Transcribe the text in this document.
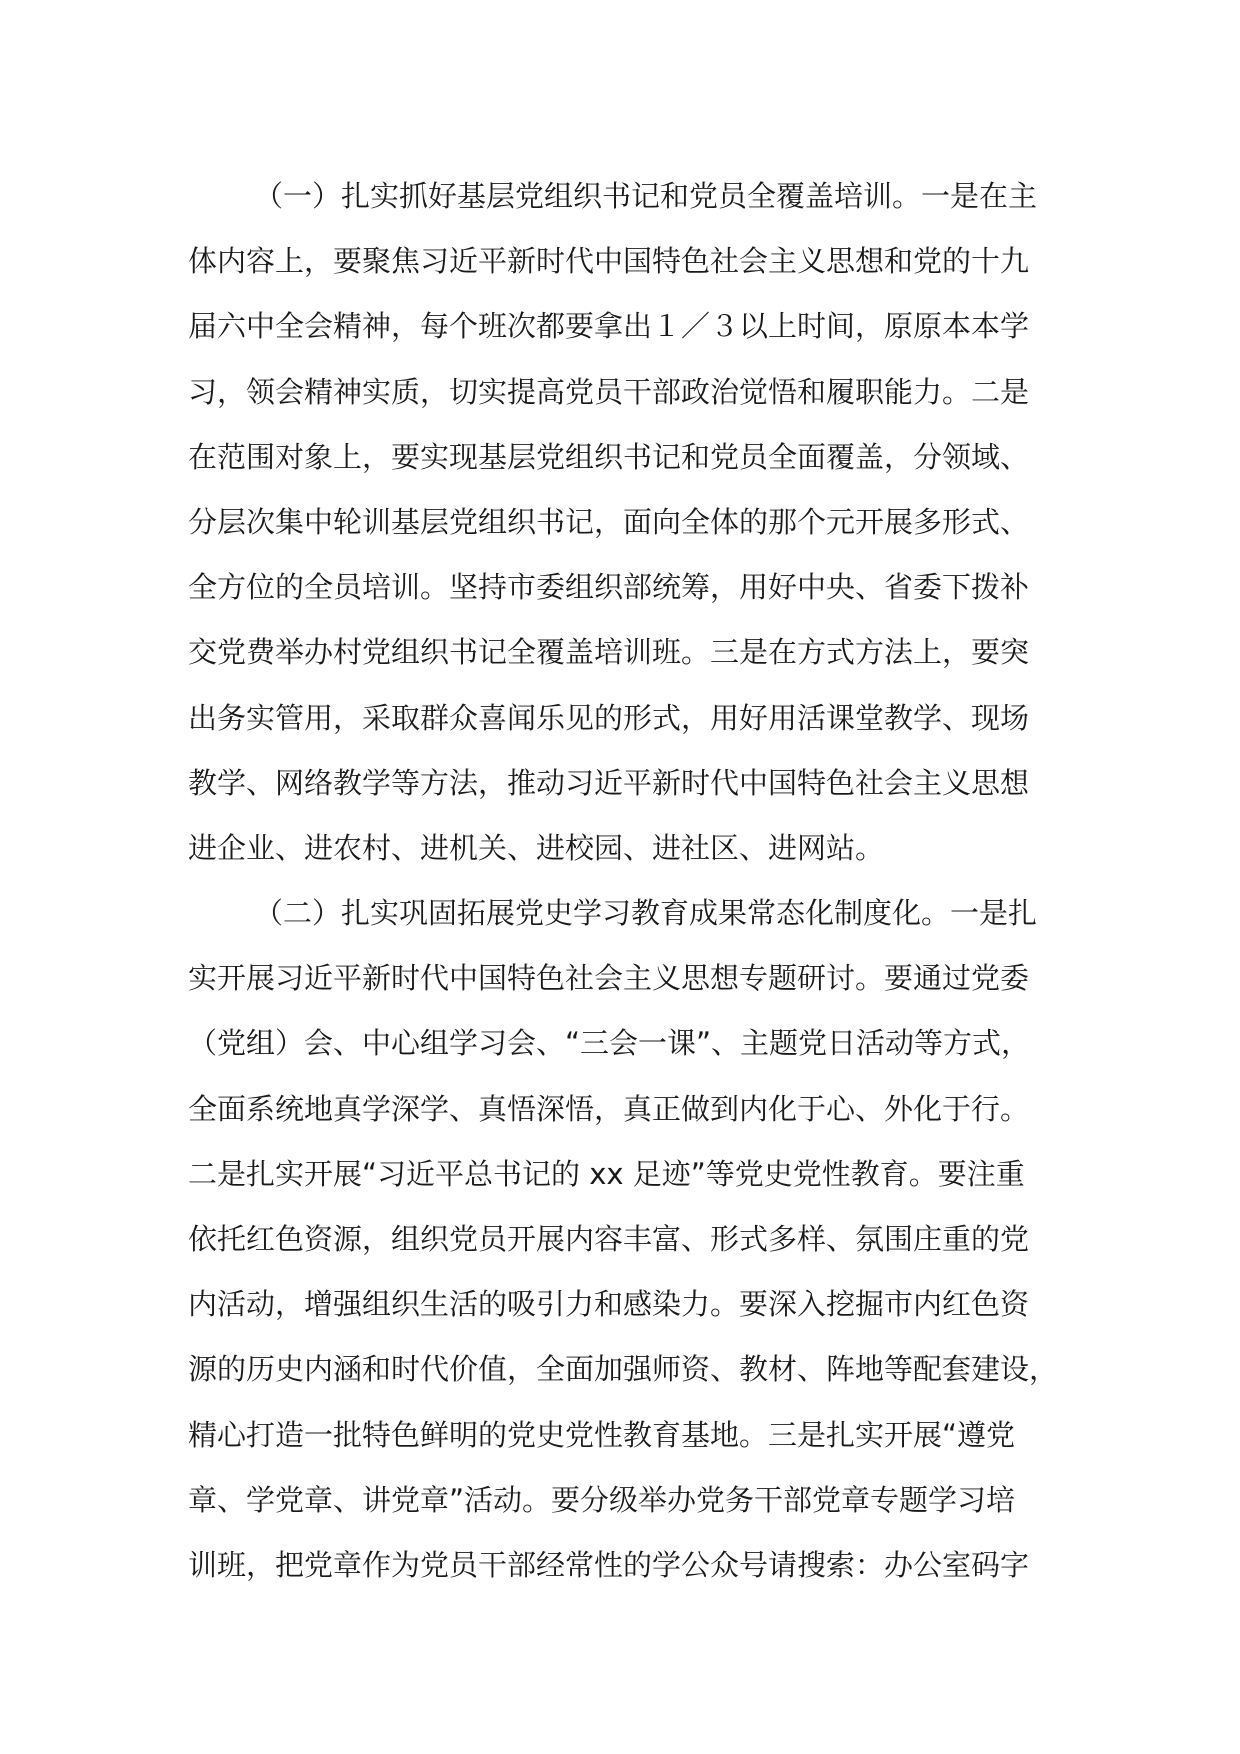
（一）扎实抓好基层党组织书记和党员全覆盖培训。一是在主
体内容上，要聚焦习近平新时代中国特色社会主义思想和党的十九
届六中全会精神，每个班次都要拿出１／３以上时间，原原本本学
习，领会精神实质，切实提高党员干部政治觉悟和履职能力。二是
在范围对象上，要实现基层党组织书记和党员全面覆盖，分领域、
分层次集中轮训基层党组织书记，面向全体的那个元开展多形式、
全方位的全员培训。坚持市委组织部统筹，用好中央、省委下拨补
交党费举办村党组织书记全覆盖培训班。三是在方式方法上，要突
出务实管用，采取群众喜闻乐见的形式，用好用活课堂教学、现场
教学、网络教学等方法，推动习近平新时代中国特色社会主义思想
进企业、进农村、进机关、进校园、进社区、进网站。
（二）扎实巩固拓展党史学习教育成果常态化制度化。一是扎
实开展习近平新时代中国特色社会主义思想专题研讨。要通过党委
（党组）会、中心组学习会、“三会一课”、主题党日活动等方式，
全面系统地真学深学、真悟深悟，真正做到内化于心、外化于行。
二是扎实开展“习近平总书记的 xx 足迹”等党史党性教育。要注重
依托红色资源，组织党员开展内容丰富、形式多样、氛围庄重的党
内活动，增强组织生活的吸引力和感染力。要深入挖掘市内红色资
源的历史内涵和时代价值，全面加强师资、教材、阵地等配套建设，
精心打造一批特色鲜明的党史党性教育基地。三是扎实开展“遵党
章、学党章、讲党章”活动。要分级举办党务干部党章专题学习培
训班，把党章作为党员干部经常性的学公众号请搜索：办公室码字
